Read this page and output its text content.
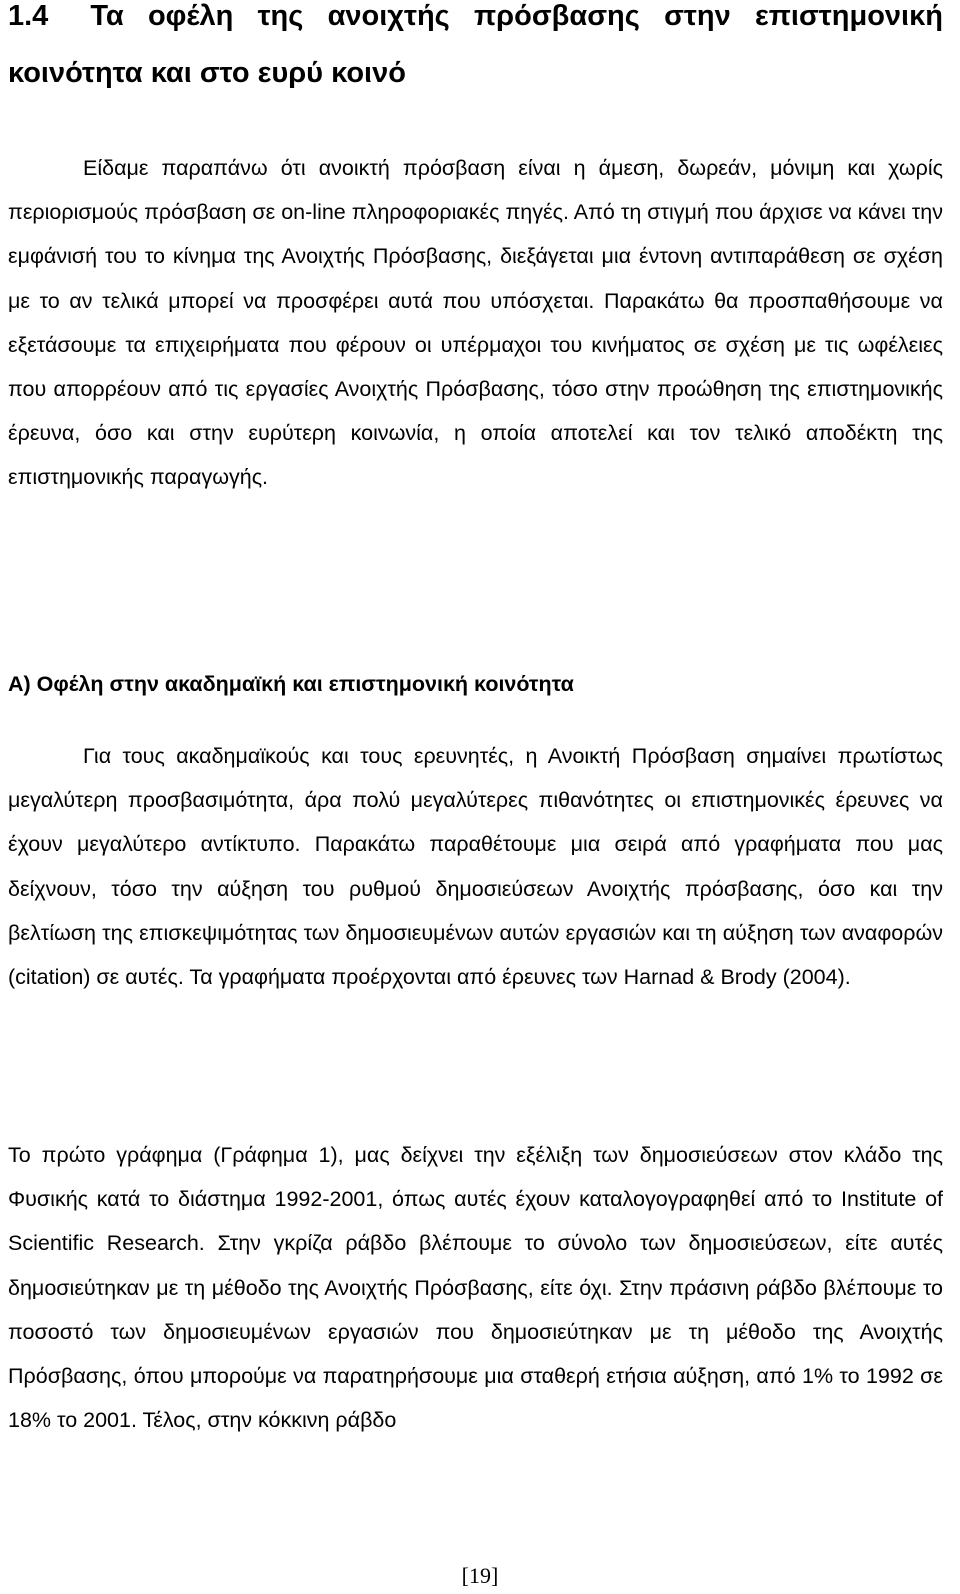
1.4 Τα οφέλη της ανοιχτής πρόσβασης στην επιστημονική κοινότητα και στο ευρύ κοινό

Είδαμε παραπάνω ότι ανοικτή πρόσβαση είναι η άμεση, δωρεάν, μόνιμη και χωρίς περιορισμούς πρόσβαση σε on-line πληροφοριακές πηγές. Από τη στιγμή που άρχισε να κάνει την εμφάνισή του το κίνημα της Ανοιχτής Πρόσβασης, διεξάγεται μια έντονη αντιπαράθεση σε σχέση με το αν τελικά μπορεί να προσφέρει αυτά που υπόσχεται. Παρακάτω θα προσπαθήσουμε να εξετάσουμε τα επιχειρήματα που φέρουν οι υπέρμαχοι του κινήματος σε σχέση με τις ωφέλειες που απορρέουν από τις εργασίες Ανοιχτής Πρόσβασης, τόσο στην προώθηση της επιστημονικής έρευνα, όσο και στην ευρύτερη κοινωνία, η οποία αποτελεί και τον τελικό αποδέκτη της επιστημονικής παραγωγής.

Α) Οφέλη στην ακαδημαϊκή και επιστημονική κοινότητα

Για τους ακαδημαϊκούς και τους ερευνητές, η Ανοικτή Πρόσβαση σημαίνει πρωτίστως μεγαλύτερη προσβασιμότητα, άρα πολύ μεγαλύτερες πιθανότητες οι επιστημονικές έρευνες να έχουν μεγαλύτερο αντίκτυπο. Παρακάτω παραθέτουμε μια σειρά από γραφήματα που μας δείχνουν, τόσο την αύξηση του ρυθμού δημοσιεύσεων Ανοιχτής πρόσβασης, όσο και την βελτίωση της επισκεψιμότητας των δημοσιευμένων αυτών εργασιών και τη αύξηση των αναφορών (citation) σε αυτές. Τα γραφήματα προέρχονται από έρευνες των Harnad & Brody (2004).

Το πρώτο γράφημα (Γράφημα 1), μας δείχνει την εξέλιξη των δημοσιεύσεων στον κλάδο της Φυσικής κατά το διάστημα 1992-2001, όπως αυτές έχουν καταλογογραφηθεί από το Institute of Scientific Research. Στην γκρίζα ράβδο βλέπουμε το σύνολο των δημοσιεύσεων, είτε αυτές δημοσιεύτηκαν με τη μέθοδο της Ανοιχτής Πρόσβασης, είτε όχι. Στην πράσινη ράβδο βλέπουμε το ποσοστό των δημοσιευμένων εργασιών που δημοσιεύτηκαν με τη μέθοδο της Ανοιχτής Πρόσβασης, όπου μπορούμε να παρατηρήσουμε μια σταθερή ετήσια αύξηση, από 1% το 1992 σε 18% το 2001. Τέλος, στην κόκκινη ράβδο

[19]
